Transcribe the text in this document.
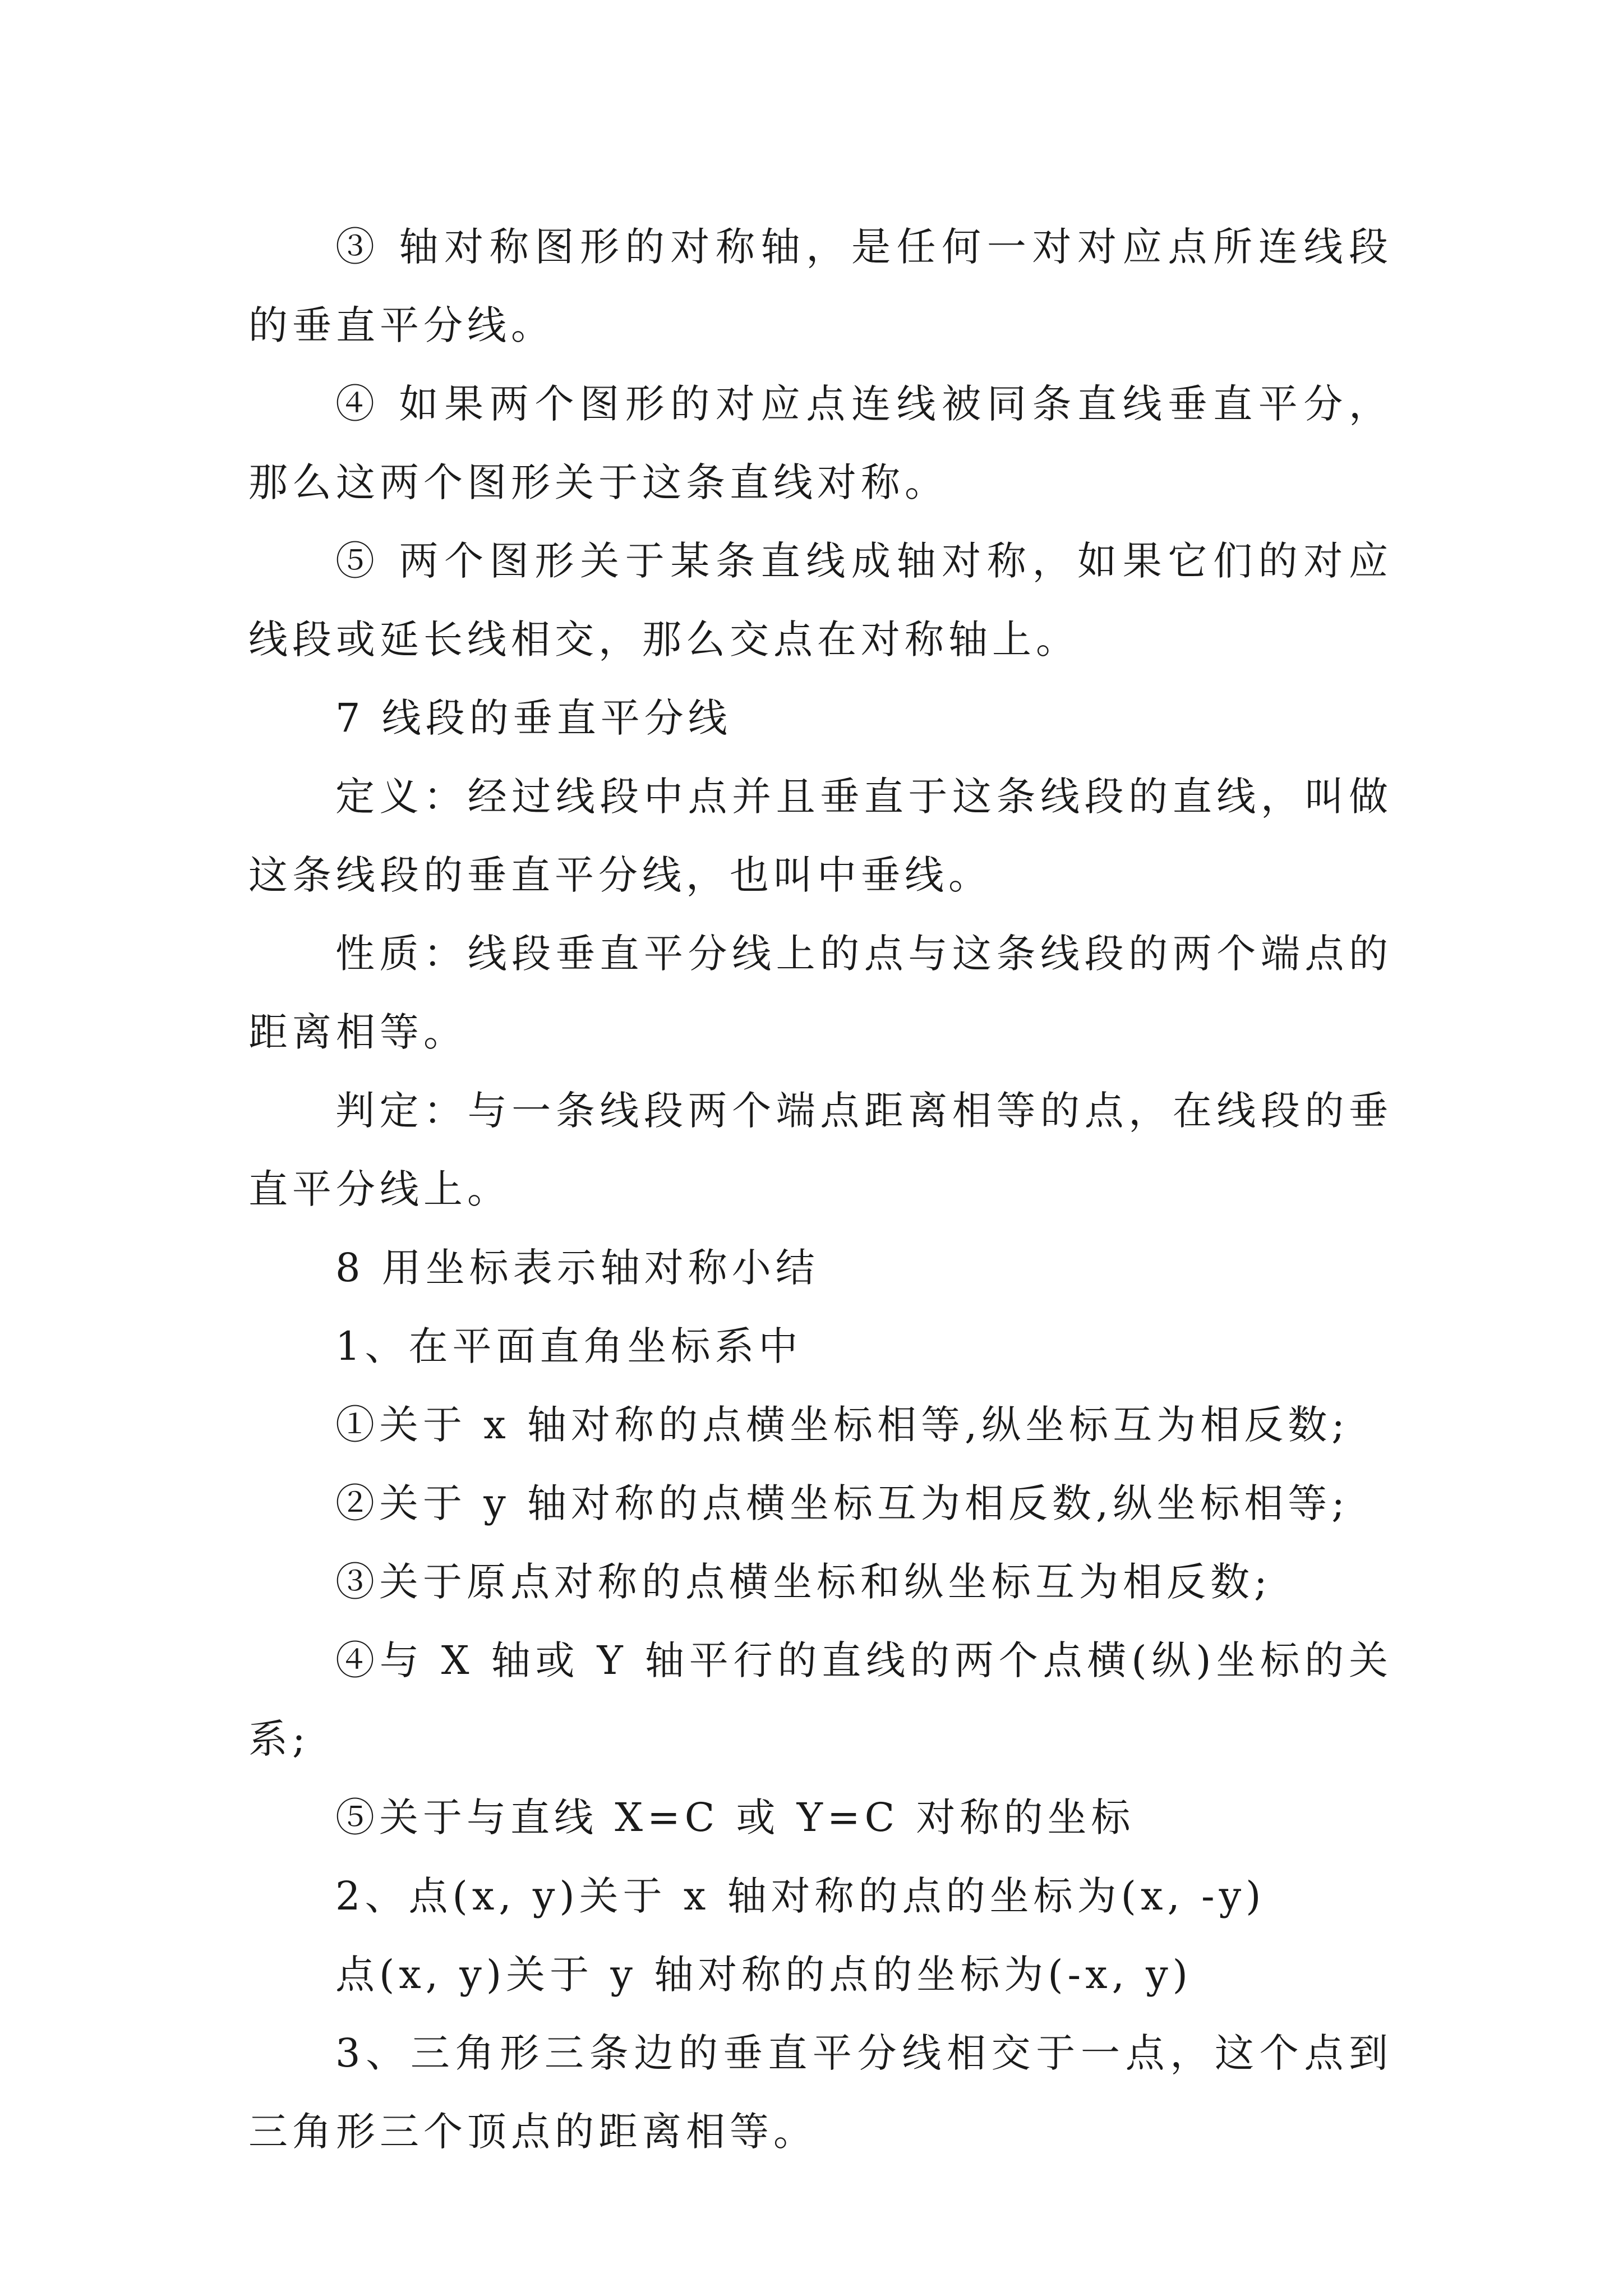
③ 轴对称图形的对称轴，是任何一对对应点所连线段的垂直平分线。

④ 如果两个图形的对应点连线被同条直线垂直平分，那么这两个图形关于这条直线对称。

⑤ 两个图形关于某条直线成轴对称，如果它们的对应线段或延长线相交，那么交点在对称轴上。

7 线段的垂直平分线

定义：经过线段中点并且垂直于这条线段的直线，叫做这条线段的垂直平分线，也叫中垂线。

性质：线段垂直平分线上的点与这条线段的两个端点的距离相等。

判定：与一条线段两个端点距离相等的点，在线段的垂直平分线上。

8 用坐标表示轴对称小结

1、在平面直角坐标系中

①关于 x 轴对称的点横坐标相等,纵坐标互为相反数;

②关于 y 轴对称的点横坐标互为相反数,纵坐标相等;

③关于原点对称的点横坐标和纵坐标互为相反数;

④与 X 轴或 Y 轴平行的直线的两个点横(纵)坐标的关系;

⑤关于与直线 X=C 或 Y=C 对称的坐标

2、点(x, y)关于 x 轴对称的点的坐标为(x, -y)

点(x, y)关于 y 轴对称的点的坐标为(-x, y)

3、三角形三条边的垂直平分线相交于一点，这个点到三角形三个顶点的距离相等。
